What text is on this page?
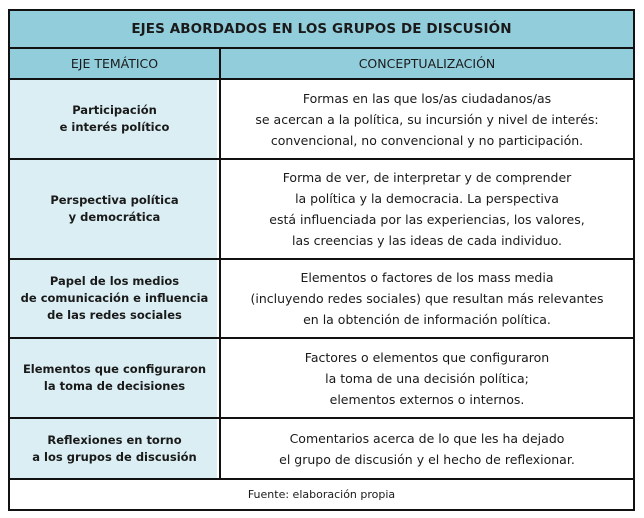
EJES ABORDADOS EN LOS GRUPOS DE DISCUSIÓN
EJE TEMÁTICO	CONCEPTUALIZACIÓN
Participación
e interés político
Formas en las que los/as ciudadanos/as
se acercan a la política, su incursión y nivel de interés:
convencional, no convencional y no participación.
Perspectiva política
y democrática
Forma de ver, de interpretar y de comprender
la política y la democracia. La perspectiva
está influenciada por las experiencias, los valores,
las creencias y las ideas de cada individuo.
Papel de los medios
de comunicación e influencia
de las redes sociales
Elementos o factores de los mass media
(incluyendo redes sociales) que resultan más relevantes
en la obtención de información política.
Elementos que configuraron
la toma de decisiones
Factores o elementos que configuraron
la toma de una decisión política;
elementos externos o internos.
Reflexiones en torno
a los grupos de discusión
Comentarios acerca de lo que les ha dejado
el grupo de discusión y el hecho de reflexionar.
Fuente: elaboración propia
